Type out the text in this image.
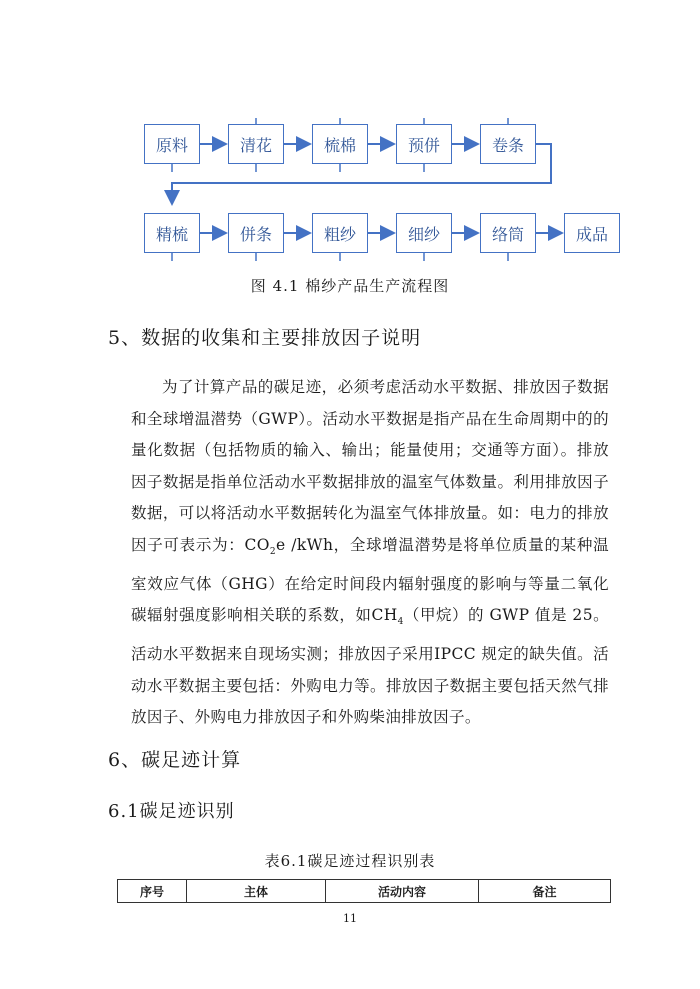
原料	清花	梳棉	预併	卷条
精梳	併条	粗纱	细纱	络筒	成品
图 4.1 棉纱产品生产流程图
5、数据的收集和主要排放因子说明

为了计算产品的碳足迹，必须考虑活动水平数据、排放因子数据和全球增温潜势（GWP）。活动水平数据是指产品在生命周期中的的量化数据（包括物质的输入、输出；能量使用；交通等方面）。排放因子数据是指单位活动水平数据排放的温室气体数量。利用排放因子数据，可以将活动水平数据转化为温室气体排放量。如：电力的排放因子可表示为：$CO_2e$ /kWh，全球增温潜势是将单位质量的某种温室效应气体（GHG）在给定时间段内辐射强度的影响与等量二氧化碳辐射强度影响相关联的系数，如$CH_4$（甲烷）的 GWP 值是 25。活动水平数据来自现场实测；排放因子采用IPCC 规定的缺失值。活动水平数据主要包括：外购电力等。排放因子数据主要包括天然气排放因子、外购电力排放因子和外购柴油排放因子。

6、碳足迹计算
6.1碳足迹识别
表6.1碳足迹过程识别表
序号	主体	活动内容	备注
11
